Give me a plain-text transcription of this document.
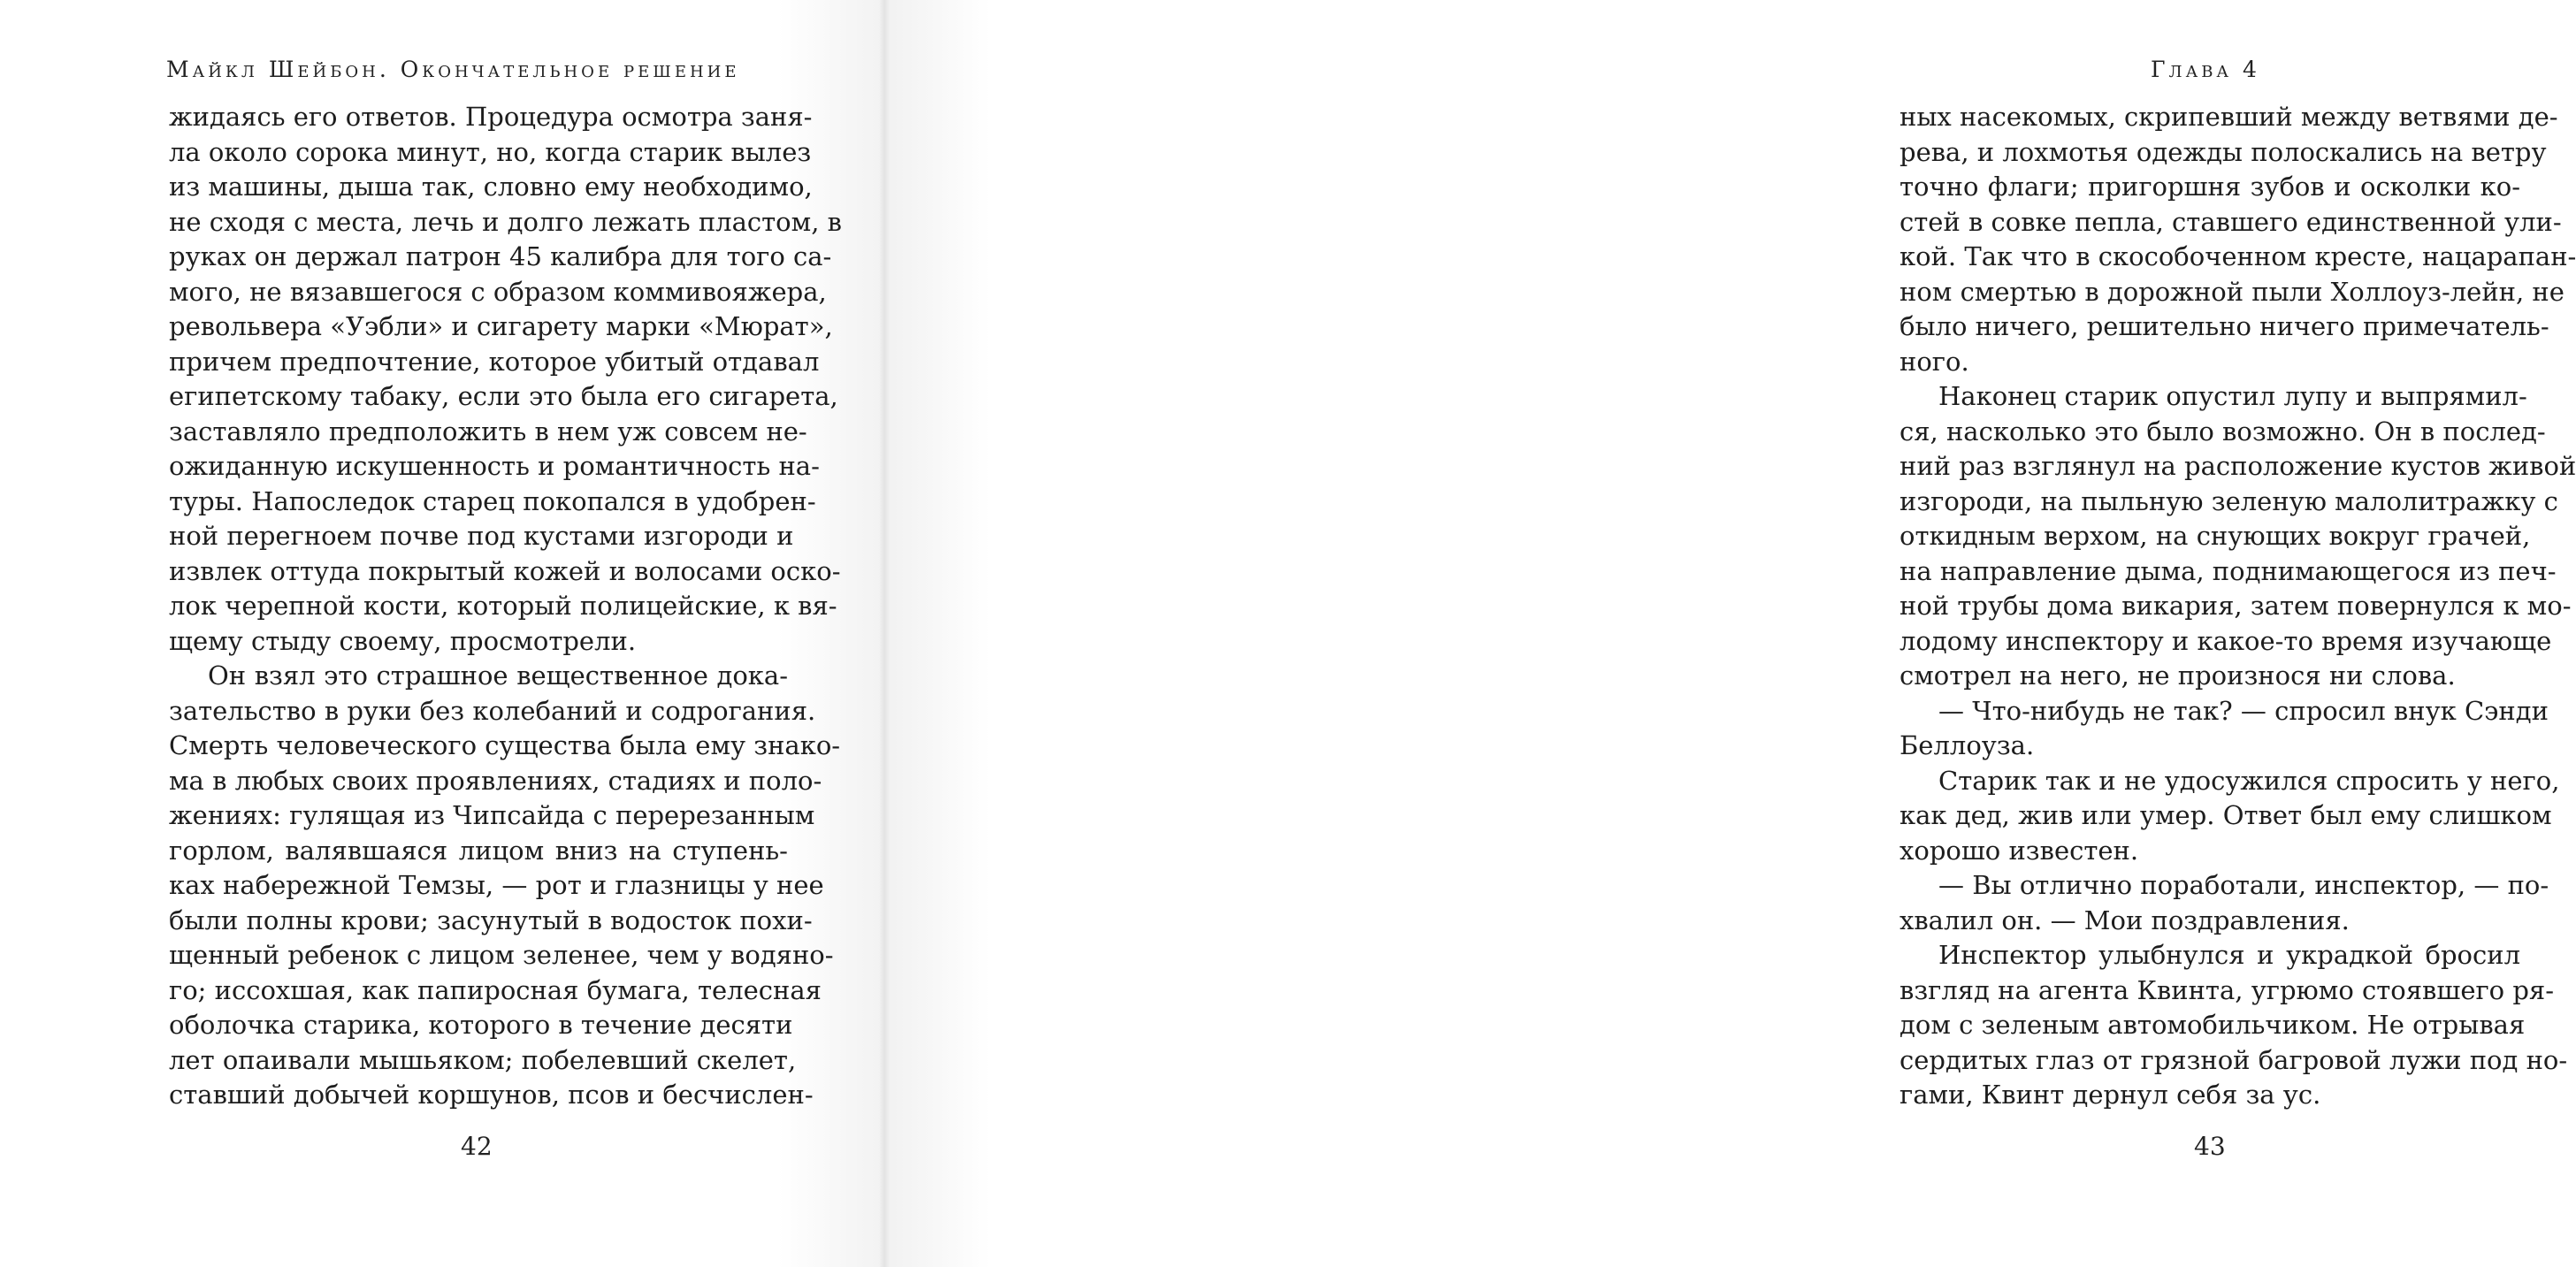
Майкл Шейбон. Окончательное решение
жидаясь его ответов. Процедура осмотра заня-
ла около сорока минут, но, когда старик вылез
из машины, дыша так, словно ему необходимо,
не сходя с места, лечь и долго лежать пластом, в
руках он держал патрон 45 калибра для того са-
мого, не вязавшегося с образом коммивояжера,
револьвера «Уэбли» и сигарету марки «Мюрат»,
причем предпочтение, которое убитый отдавал
египетскому табаку, если это была его сигарета,
заставляло предположить в нем уж совсем не-
ожиданную искушенность и романтичность на-
туры. Напоследок старец покопался в удобрен-
ной перегноем почве под кустами изгороди и
извлек оттуда покрытый кожей и волосами оско-
лок черепной кости, который полицейские, к вя-
щему стыду своему, просмотрели.
Он взял это страшное вещественное дока-
зательство в руки без колебаний и содрогания.
Смерть человеческого существа была ему знако-
ма в любых своих проявлениях, стадиях и поло-
жениях: гулящая из Чипсайда с перерезанным
горлом, валявшаяся лицом вниз на ступень-
ках набережной Темзы, — рот и глазницы у нее
были полны крови; засунутый в водосток похи-
щенный ребенок с лицом зеленее, чем у водяно-
го; иссохшая, как папиросная бумага, телесная
оболочка старика, которого в течение десяти
лет опаивали мышьяком; побелевший скелет,
ставший добычей коршунов, псов и бесчислен-
42
Глава 4
ных насекомых, скрипевший между ветвями де-
рева, и лохмотья одежды полоскались на ветру
точно флаги; пригоршня зубов и осколки ко-
стей в совке пепла, ставшего единственной ули-
кой. Так что в скособоченном кресте, нацарапан-
ном смертью в дорожной пыли Холлоуз-лейн, не
было ничего, решительно ничего примечатель-
ного.
Наконец старик опустил лупу и выпрямил-
ся, насколько это было возможно. Он в послед-
ний раз взглянул на расположение кустов живой
изгороди, на пыльную зеленую малолитражку с
откидным верхом, на снующих вокруг грачей,
на направление дыма, поднимающегося из печ-
ной трубы дома викария, затем повернулся к мо-
лодому инспектору и какое-то время изучающе
смотрел на него, не произнося ни слова.
— Что-нибудь не так? — спросил внук Сэнди
Беллоуза.
Старик так и не удосужился спросить у него,
как дед, жив или умер. Ответ был ему слишком
хорошо известен.
— Вы отлично поработали, инспектор, — по-
хвалил он. — Мои поздравления.
Инспектор улыбнулся и украдкой бросил
взгляд на агента Квинта, угрюмо стоявшего ря-
дом с зеленым автомобильчиком. Не отрывая
сердитых глаз от грязной багровой лужи под но-
гами, Квинт дернул себя за ус.
43
